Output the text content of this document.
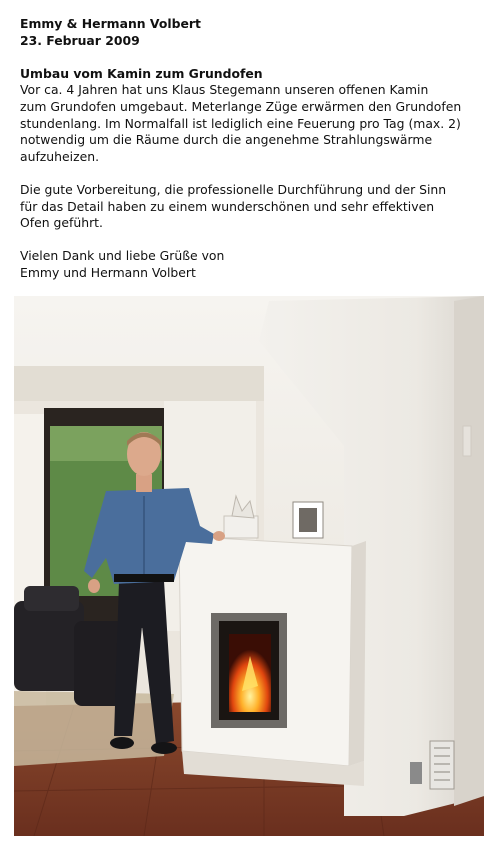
Emmy & Hermann Volbert

23. Februar 2009

Umbau vom Kamin zum Grundofen

Vor ca. 4 Jahren hat uns Klaus Stegemann unseren offenen Kamin

zum Grundofen umgebaut. Meterlange Züge erwärmen den Grundofen

stundenlang. Im Normalfall ist lediglich eine Feuerung pro Tag (max. 2)

notwendig um die Räume durch die angenehme Strahlungswärme

aufzuheizen.

Die gute Vorbereitung, die professionelle Durchführung und der Sinn

für das Detail haben zu einem wunderschönen und sehr effektiven

Ofen geführt.

Vielen Dank und liebe Grüße von

Emmy und Hermann Volbert
